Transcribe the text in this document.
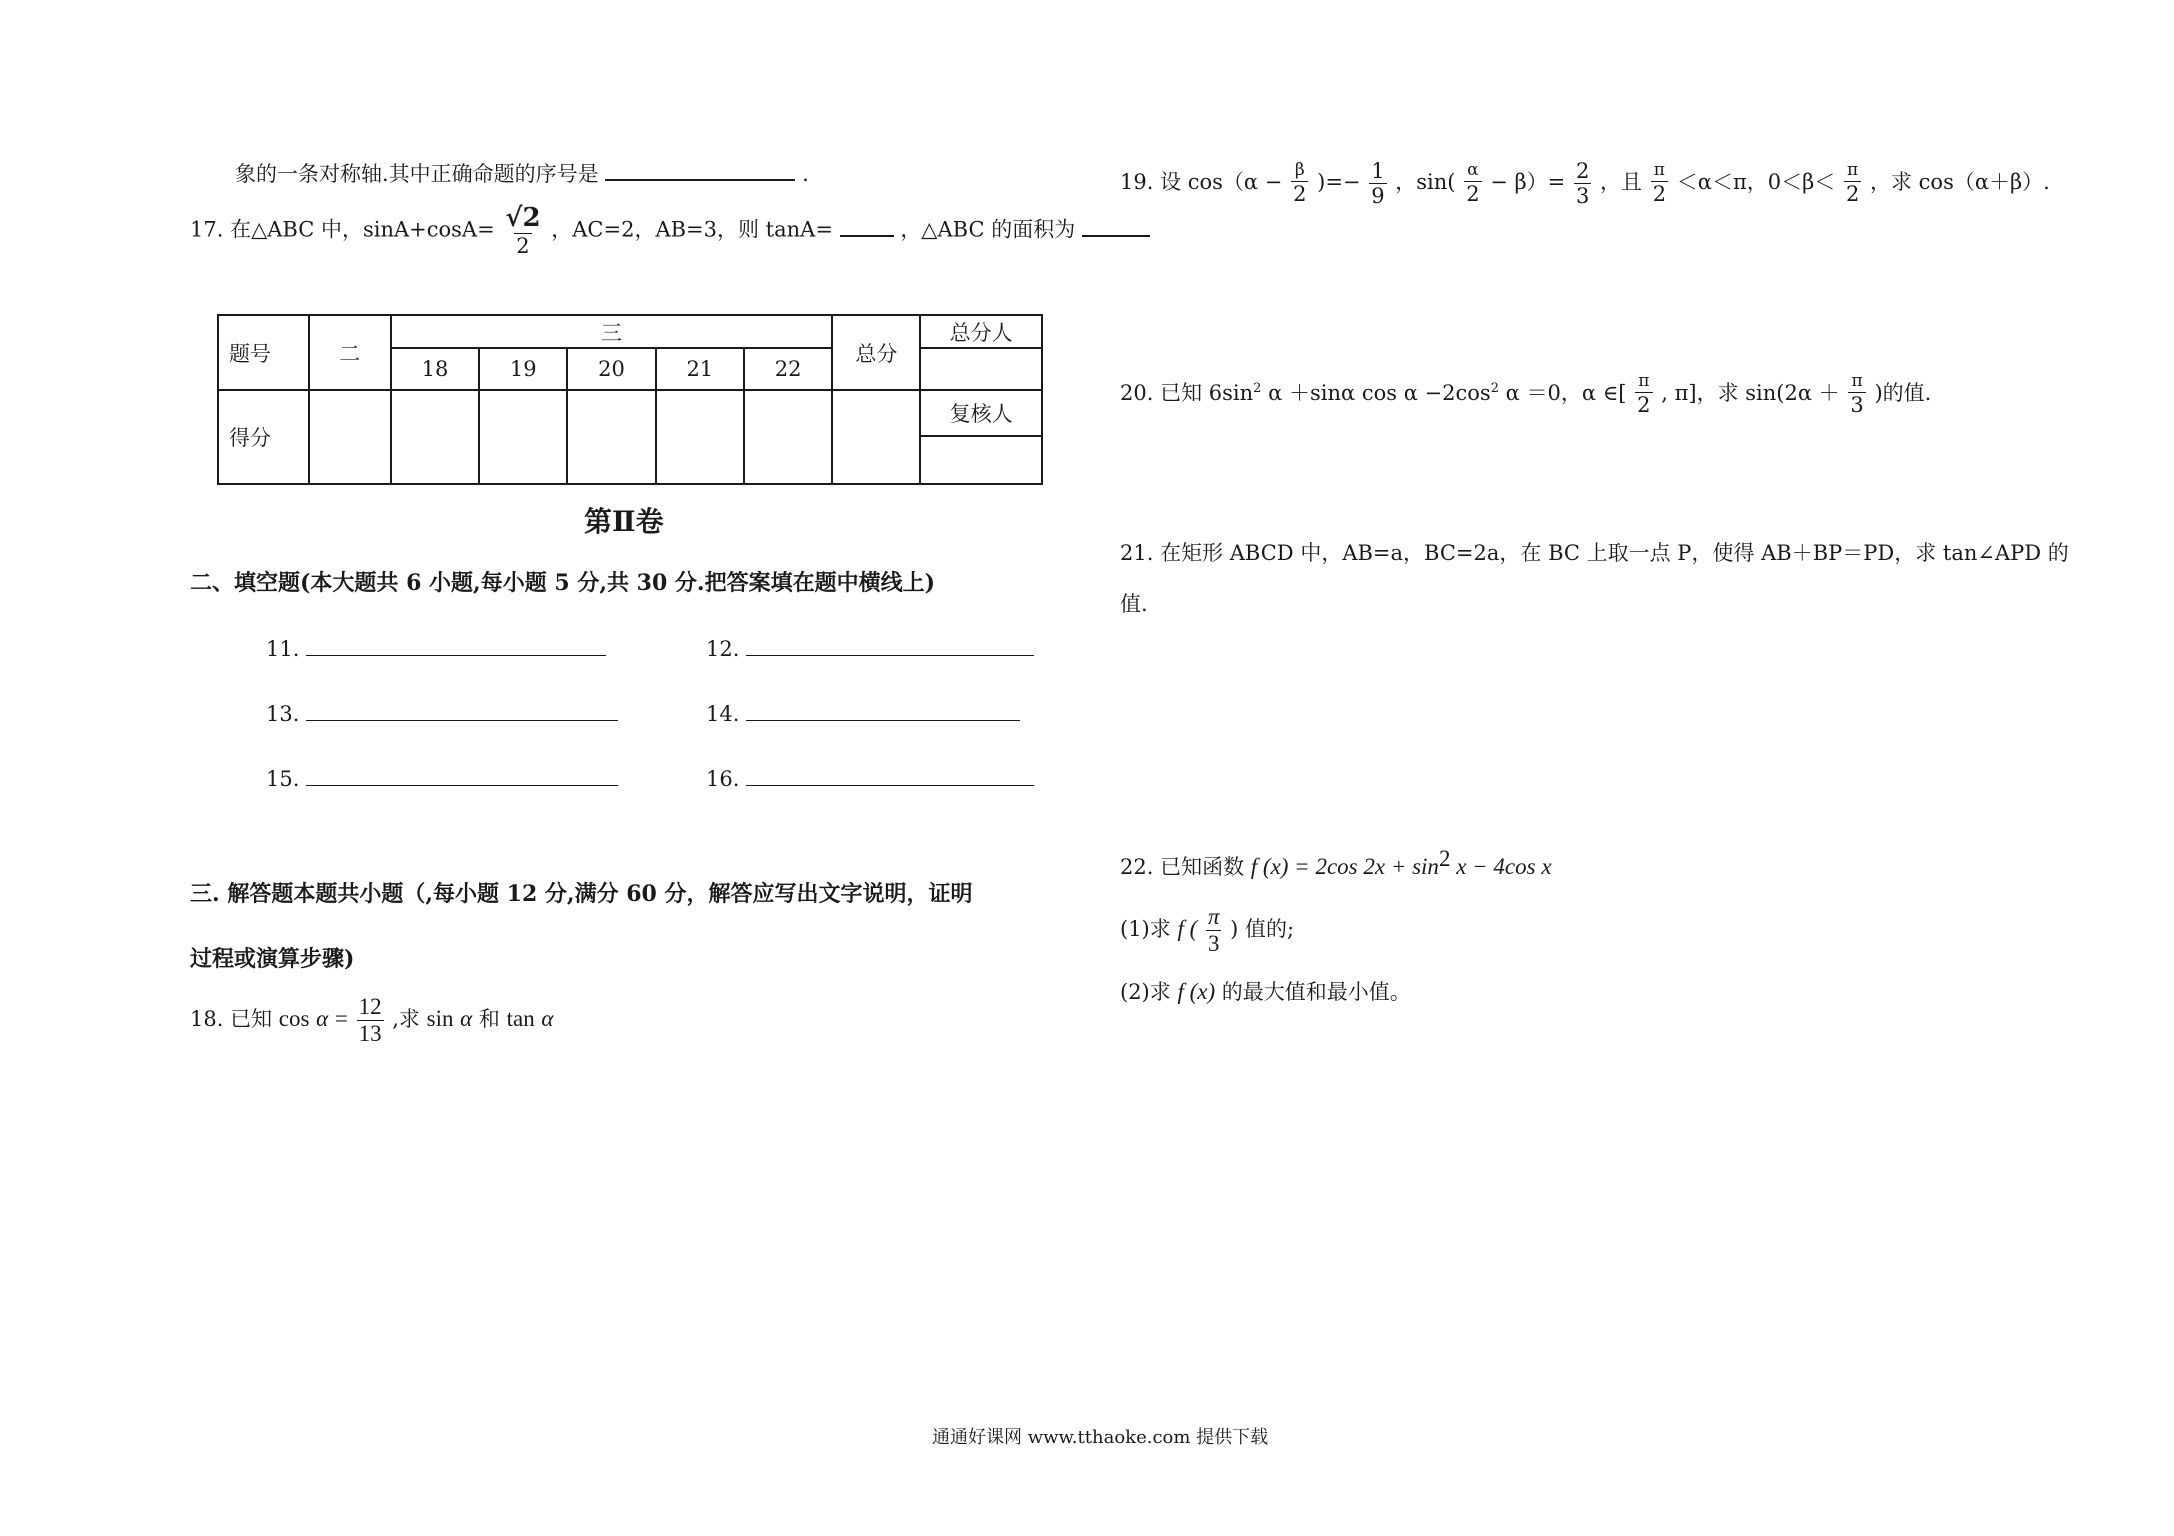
象的一条对称轴.其中正确命题的序号是	.
17. 在△ABC 中，$\sin A+\cos A= \frac{√2}{2}$ ，AC=2，AB=3，则 tanA=	，△ABC 的面积为
题号	二	三					总分	总分人
		18	19	20	21	22		
得分								复核人

第Ⅱ卷
二、填空题(本大题共 6 小题,每小题 5 分,共 30 分.把答案填在题中横线上)
11.	12.
13.	14.
15.	16.
三. 解答题本题共小题（,每小题 12 分,满分 60 分，解答应写出文字说明，证明
过程或演算步骤)
18. 已知 $\cos \alpha = \frac{12}{13}$ ,求 sin α 和 tan α
19. 设 $\cos(\alpha - \frac{\beta}{2}$ )=− $\frac{1}{9}$ ，$\sin( \frac{\alpha}{2} - \beta)= \frac{2}{3}$ ，且 $\frac{\pi}{2} <\alpha<\pi$，$0<\beta< \frac{\pi}{2}$ ，求 cos（α＋β）.
20. 已知 $6\sin^2$ α ＋sinα $\cos \alpha -2\cos^2$ α ＝0，α ∈[ $\frac{\pi}{2}$ , π]，求 $\sin(2\alpha + \frac{\pi}{3}$ )的值.
21. 在矩形 ABCD 中，AB=a，BC=2a，在 BC 上取一点 P，使得 AB＋BP＝PD，求 tan∠APD 的
值.
22. 已知函数 f (x) = 2cos $2x + \sin^2 x - 4\cos$ x
(1)求 f ( $\frac{\pi}{3}$ ) 值的;
(2)求 f (x) 的最大值和最小值。
通通好课网 www.tthaoke.com 提供下载
